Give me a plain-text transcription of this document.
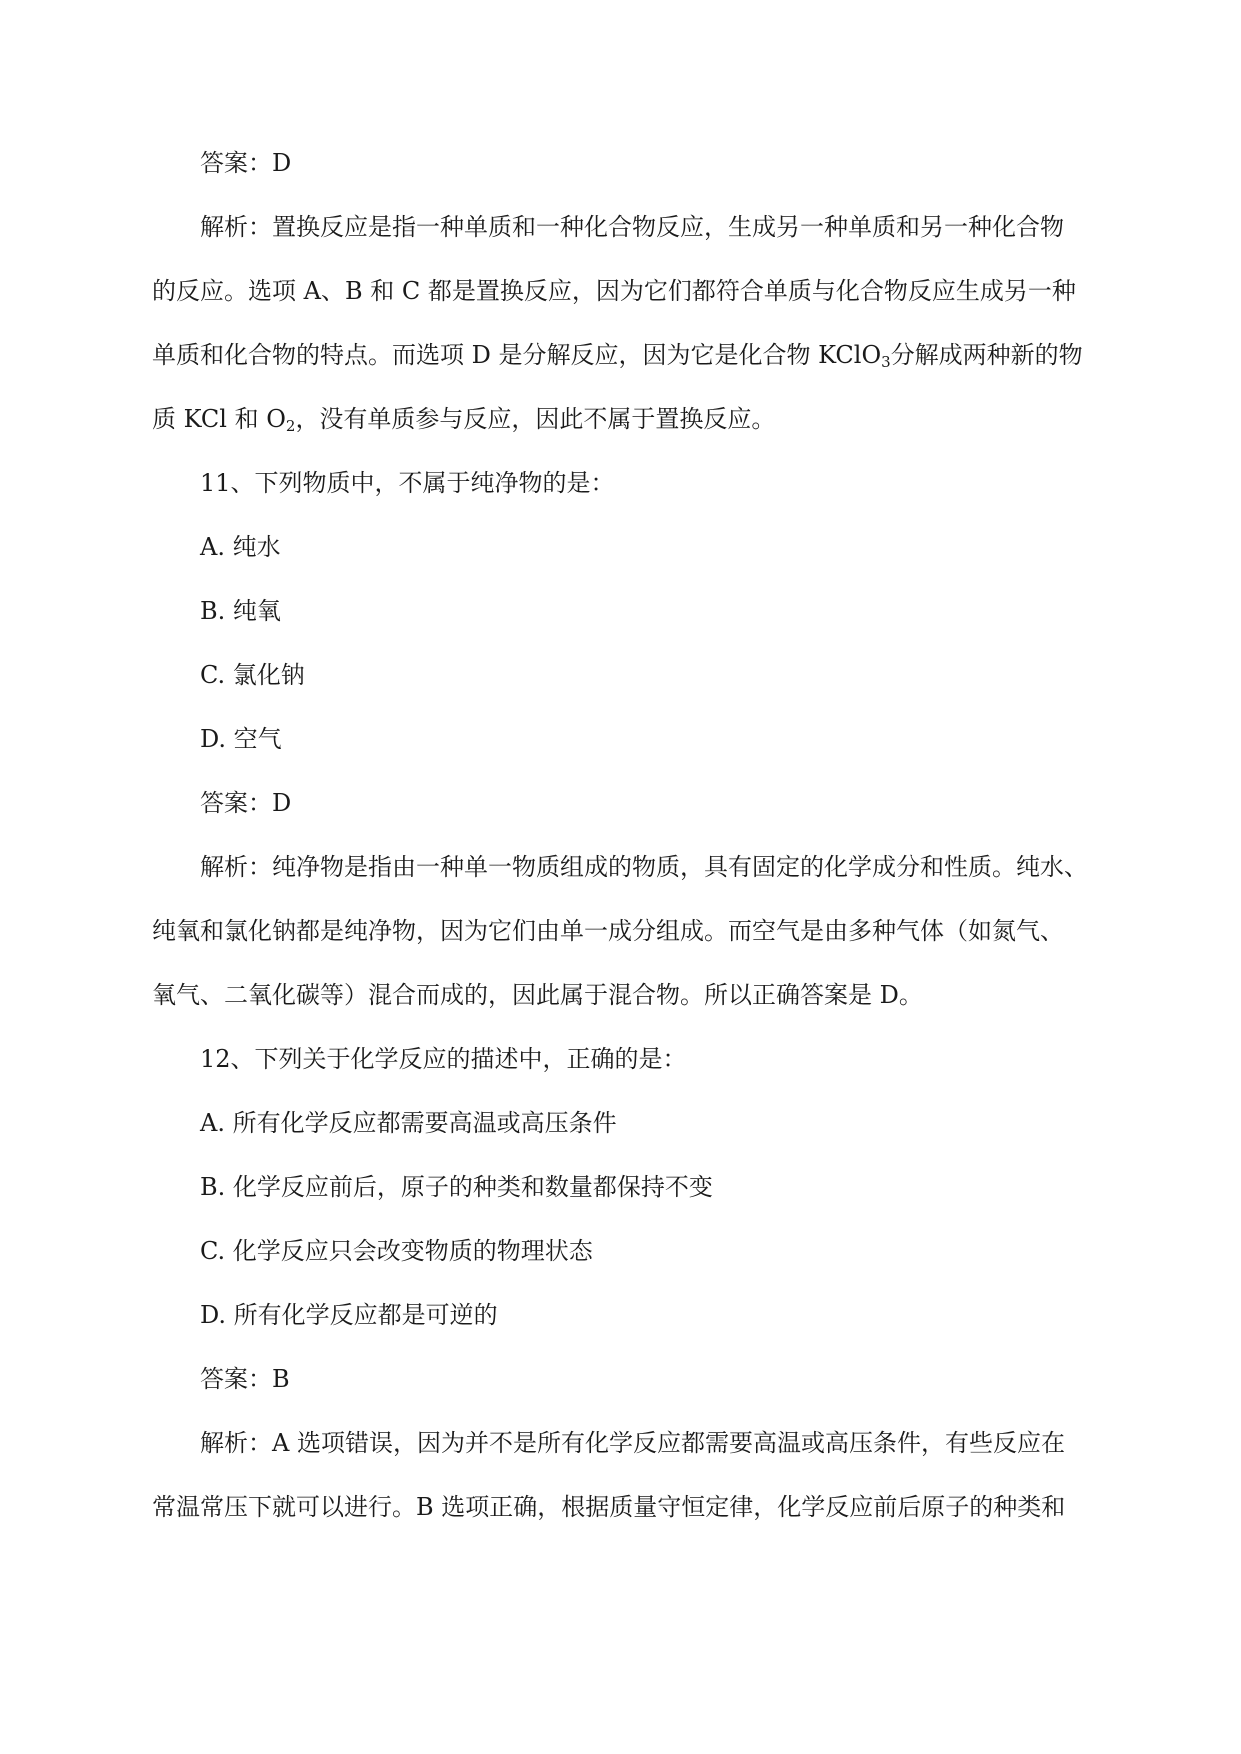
答案：D
解析：置换反应是指一种单质和一种化合物反应，生成另一种单质和另一种化合物
的反应。选项 A、B 和 C 都是置换反应，因为它们都符合单质与化合物反应生成另一种
单质和化合物的特点。而选项 D 是分解反应，因为它是化合物 KClO$_3$分解成两种新的物
质 KCl 和 $O_2$，没有单质参与反应，因此不属于置换反应。
11、下列物质中，不属于纯净物的是：
A. 纯水
B. 纯氧
C. 氯化钠
D. 空气
答案：D
解析：纯净物是指由一种单一物质组成的物质，具有固定的化学成分和性质。纯水、
纯氧和氯化钠都是纯净物，因为它们由单一成分组成。而空气是由多种气体（如氮气、
氧气、二氧化碳等）混合而成的，因此属于混合物。所以正确答案是 D。
12、下列关于化学反应的描述中，正确的是：
A. 所有化学反应都需要高温或高压条件
B. 化学反应前后，原子的种类和数量都保持不变
C. 化学反应只会改变物质的物理状态
D. 所有化学反应都是可逆的
答案：B
解析：A 选项错误，因为并不是所有化学反应都需要高温或高压条件，有些反应在
常温常压下就可以进行。B 选项正确，根据质量守恒定律，化学反应前后原子的种类和
